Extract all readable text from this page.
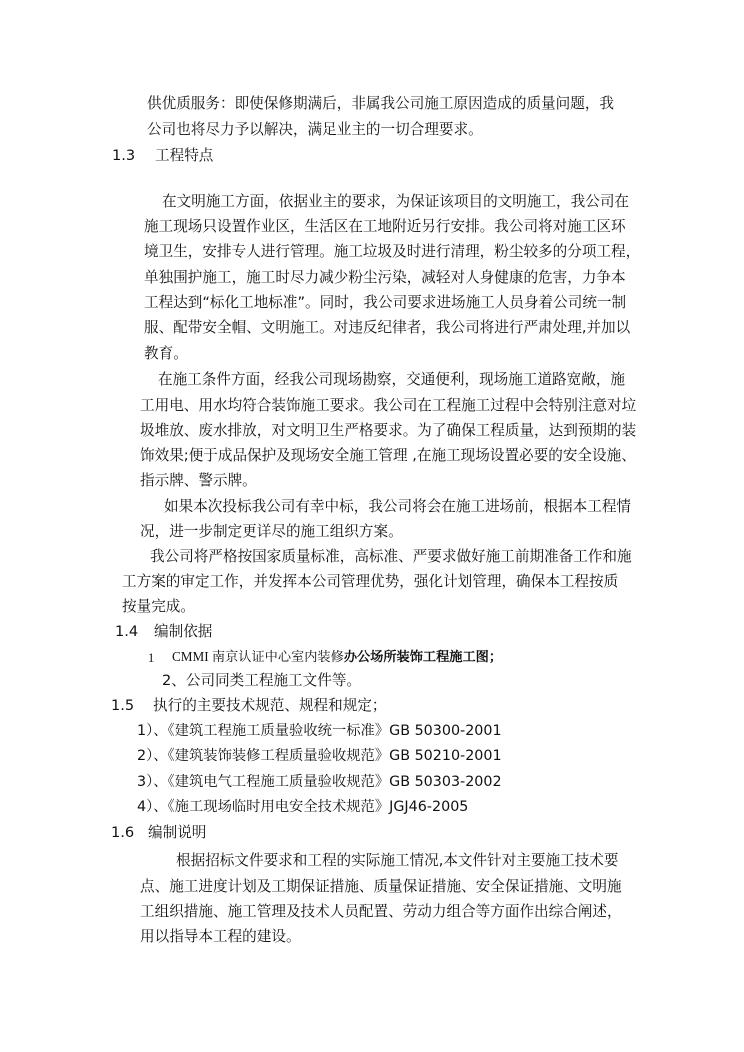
供优质服务：即使保修期满后，非属我公司施工原因造成的质量问题，我
公司也将尽力予以解决，满足业主的一切合理要求。
1.3 工程特点
在文明施工方面，依据业主的要求，为保证该项目的文明施工，我公司在
施工现场只设置作业区，生活区在工地附近另行安排。我公司将对施工区环
境卫生，安排专人进行管理。施工垃圾及时进行清理，粉尘较多的分项工程，
单独围护施工，施工时尽力减少粉尘污染，减轻对人身健康的危害，力争本
工程达到“标化工地标准”。同时，我公司要求进场施工人员身着公司统一制
服、配带安全帽、文明施工。对违反纪律者，我公司将进行严肃处理,并加以
教育。
在施工条件方面，经我公司现场勘察，交通便利，现场施工道路宽敞，施
工用电、用水均符合装饰施工要求。我公司在工程施工过程中会特别注意对垃
圾堆放、废水排放，对文明卫生严格要求。为了确保工程质量，达到预期的装
饰效果;便于成品保护及现场安全施工管理 ,在施工现场设置必要的安全设施、
指示牌、警示牌。
如果本次投标我公司有幸中标，我公司将会在施工进场前，根据本工程情
况，进一步制定更详尽的施工组织方案。
我公司将严格按国家质量标准，高标准、严要求做好施工前期准备工作和施
工方案的审定工作，并发挥本公司管理优势，强化计划管理，确保本工程按质
按量完成。
1.4 编制依据
1 CMMI 南京认证中心室内装修办公场所装饰工程施工图；
2、公司同类工程施工文件等。
1.5 执行的主要技术规范、规程和规定；
1）、《建筑工程施工质量验收统一标准》GB 50300-2001
2）、《建筑装饰装修工程质量验收规范》GB 50210-2001
3）、《建筑电气工程施工质量验收规范》GB 50303-2002
4）、《施工现场临时用电安全技术规范》JGJ46-2005
1.6 编制说明
根据招标文件要求和工程的实际施工情况,本文件针对主要施工技术要
点、施工进度计划及工期保证措施、质量保证措施、安全保证措施、文明施
工组织措施、施工管理及技术人员配置、劳动力组合等方面作出综合阐述，
用以指导本工程的建设。
